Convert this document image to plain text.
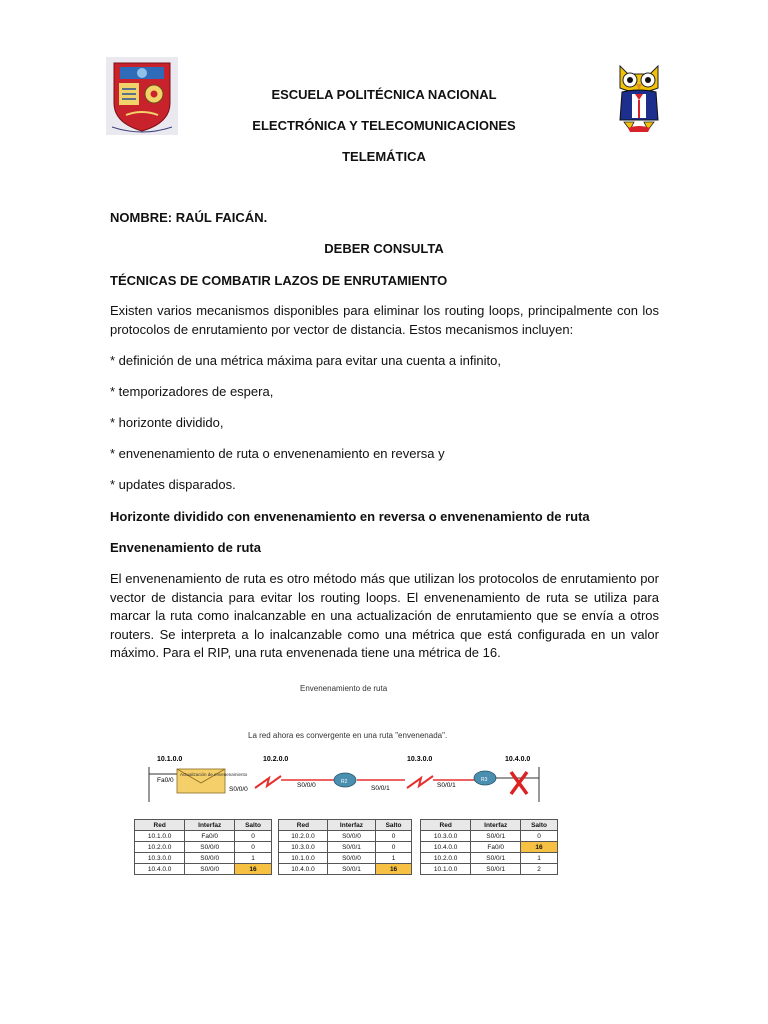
ESCUELA POLITÉCNICA NACIONAL
ELECTRÓNICA Y TELECOMUNICACIONES
TELEMÁTICA
NOMBRE: RAÚL FAICÁN.
DEBER CONSULTA
TÉCNICAS DE COMBATIR LAZOS DE ENRUTAMIENTO
Existen varios mecanismos disponibles para eliminar los routing loops, principalmente con los protocolos de enrutamiento por vector de distancia. Estos mecanismos incluyen:
* definición de una métrica máxima para evitar una cuenta a infinito,
* temporizadores de espera,
* horizonte dividido,
* envenenamiento de ruta o envenenamiento en reversa y
* updates disparados.
Horizonte dividido con envenenamiento en reversa o envenenamiento de ruta
Envenenamiento de ruta
El envenenamiento de ruta es otro método más que utilizan los protocolos de enrutamiento por vector de distancia para evitar los routing loops. El envenenamiento de ruta se utiliza para marcar la ruta como inalcanzable en una actualización de enrutamiento que se envía a otros routers. Se interpreta a lo inalcanzable como una métrica que está configurada en un valor máximo. Para el RIP, una ruta envenenada tiene una métrica de 16.
Envenenamiento de ruta
La red ahora es convergente en una ruta "envenenada".
10.1.0.0	10.2.0.0	10.3.0.0	10.4.0.0
Fa0/0
S0/0/0
S0/0/0	S0/0/1	S0/0/1
Actualización de envenenamiento
R2	R3
Red	Interfaz	Salto
10.1.0.0	Fa0/0	0
10.2.0.0	S0/0/0	0
10.3.0.0	S0/0/0	1
10.4.0.0	S0/0/0	16
Red	Interfaz	Salto
10.2.0.0	S0/0/0	0
10.3.0.0	S0/0/1	0
10.1.0.0	S0/0/0	1
10.4.0.0	S0/0/1	16
Red	Interfaz	Salto
10.3.0.0	S0/0/1	0
10.4.0.0	Fa0/0	16
10.2.0.0	S0/0/1	1
10.1.0.0	S0/0/1	2
